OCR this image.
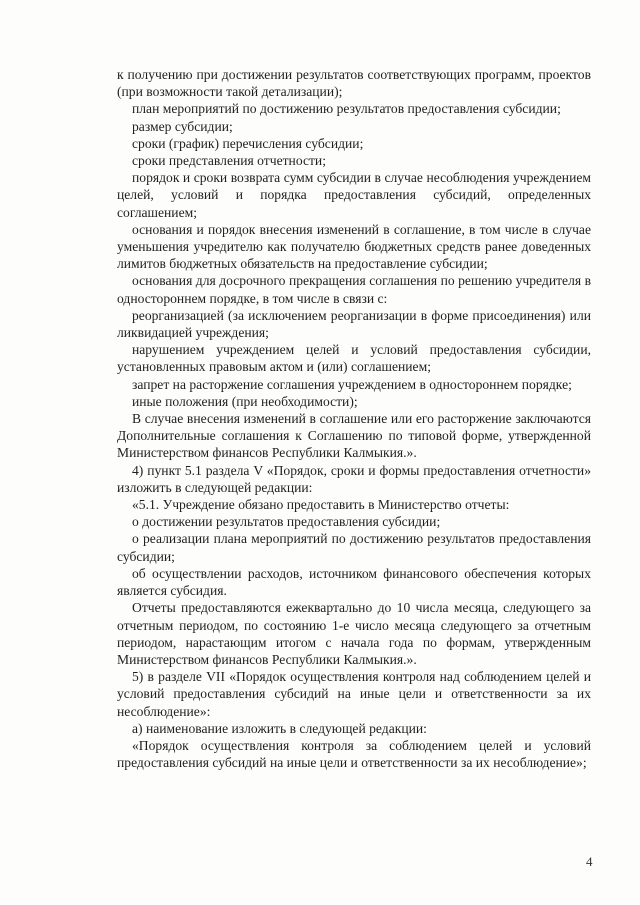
к получению при достижении результатов соответствующих программ, проектов (при возможности такой детализации);

план мероприятий по достижению результатов предоставления субсидии;

размер субсидии;

сроки (график) перечисления субсидии;

сроки представления отчетности;

порядок и сроки возврата сумм субсидии в случае несоблюдения учреждением целей, условий и порядка предоставления субсидий, определенных соглашением;

основания и порядок внесения изменений в соглашение, в том числе в случае уменьшения учредителю как получателю бюджетных средств ранее доведенных лимитов бюджетных обязательств на предоставление субсидии;

основания для досрочного прекращения соглашения по решению учредителя в одностороннем порядке, в том числе в связи с:

реорганизацией (за исключением реорганизации в форме присоединения) или ликвидацией учреждения;

нарушением учреждением целей и условий предоставления субсидии, установленных правовым актом и (или) соглашением;

запрет на расторжение соглашения учреждением в одностороннем порядке;

иные положения (при необходимости);

В случае внесения изменений в соглашение или его расторжение заключаются Дополнительные соглашения к Соглашению по типовой форме, утвержденной Министерством финансов Республики Калмыкия.».

4) пункт 5.1 раздела V «Порядок, сроки и формы предоставления отчетности» изложить в следующей редакции:

«5.1. Учреждение обязано предоставить в Министерство отчеты:

о достижении результатов предоставления субсидии;

о реализации плана мероприятий по достижению результатов предоставления субсидии;

об осуществлении расходов, источником финансового обеспечения которых является субсидия.

Отчеты предоставляются ежеквартально до 10 числа месяца, следующего за отчетным периодом, по состоянию 1-е число месяца следующего за отчетным периодом, нарастающим итогом с начала года по формам, утвержденным Министерством финансов Республики Калмыкия.».

5) в разделе VII «Порядок осуществления контроля над соблюдением целей и условий предоставления субсидий на иные цели и ответственности за их несоблюдение»:

а) наименование изложить в следующей редакции:

«Порядок осуществления контроля за соблюдением целей и условий предоставления субсидий на иные цели и ответственности за их несоблюдение»;

4
